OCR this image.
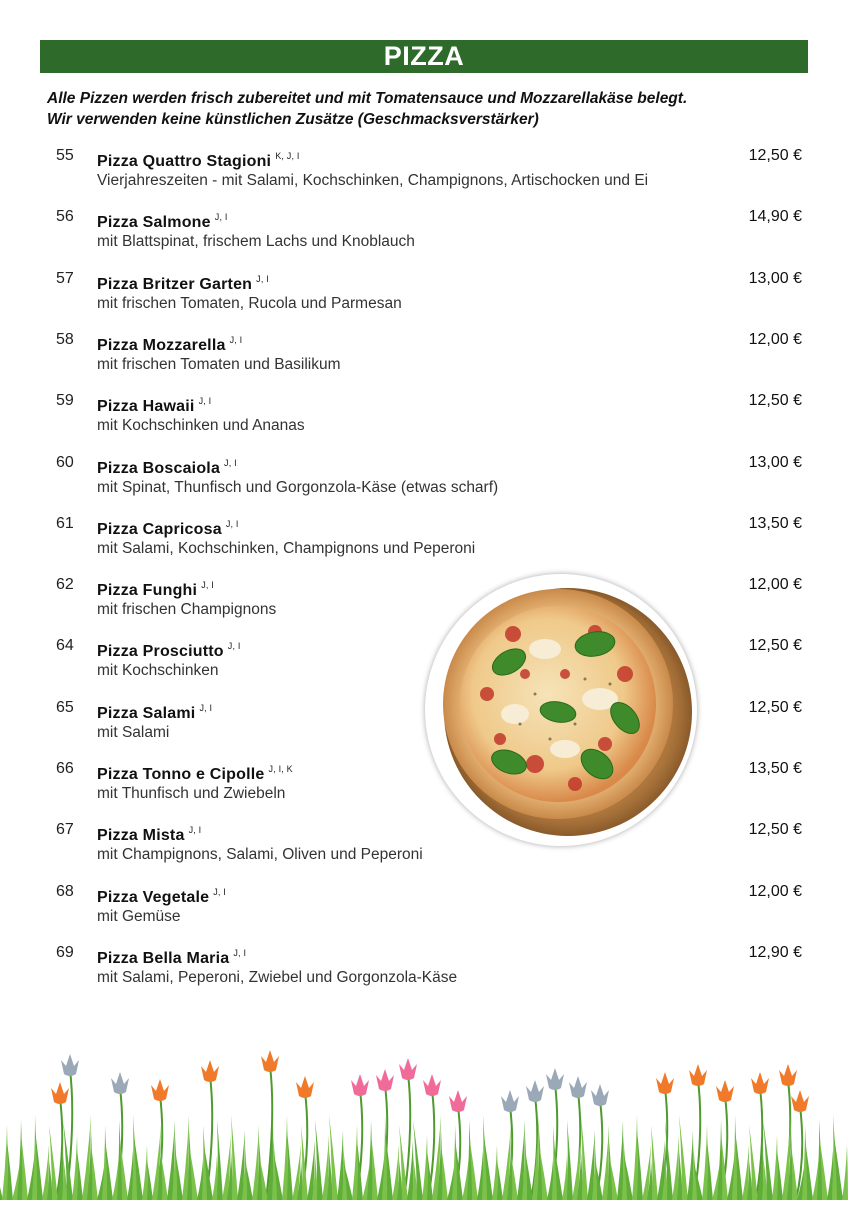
PIZZA
Alle Pizzen werden frisch zubereitet und mit Tomatensauce und Mozzarellakäse belegt.
Wir verwenden keine künstlichen Zusätze (Geschmacksverstärker)
55 Pizza Quattro Stagioni $^{K, J, I}$	12,50 €
Vierjahreszeiten - mit Salami, Kochschinken, Champignons, Artischocken und Ei
56 Pizza Salmone $^{J, I}$	14,90 €
mit Blattspinat, frischem Lachs und Knoblauch
57 Pizza Britzer Garten $^{J, I}$	13,00 €
mit frischen Tomaten, Rucola und Parmesan
58 Pizza Mozzarella $^{J, I}$	12,00 €
mit frischen Tomaten und Basilikum
59 Pizza Hawaii $^{J, I}$	12,50 €
mit Kochschinken und Ananas
60 Pizza Boscaiola $^{J, I}$	13,00 €
mit Spinat, Thunfisch und Gorgonzola-Käse (etwas scharf)
61 Pizza Capricosa $^{J, I}$	13,50 €
mit Salami, Kochschinken, Champignons und Peperoni
62 Pizza Funghi $^{J, I}$	12,00 €
mit frischen Champignons
64 Pizza Prosciutto $^{J, I}$	12,50 €
mit Kochschinken
65 Pizza Salami $^{J, I}$	12,50 €
mit Salami
66 Pizza Tonno e Cipolle $^{J, I, K}$	13,50 €
mit Thunfisch und Zwiebeln
67 Pizza Mista $^{J, I}$	12,50 €
mit Champignons, Salami, Oliven und Peperoni
68 Pizza Vegetale $^{J, I}$	12,00 €
mit Gemüse
69 Pizza Bella Maria $^{J, I}$	12,90 €
mit Salami, Peperoni, Zwiebel und Gorgonzola-Käse
